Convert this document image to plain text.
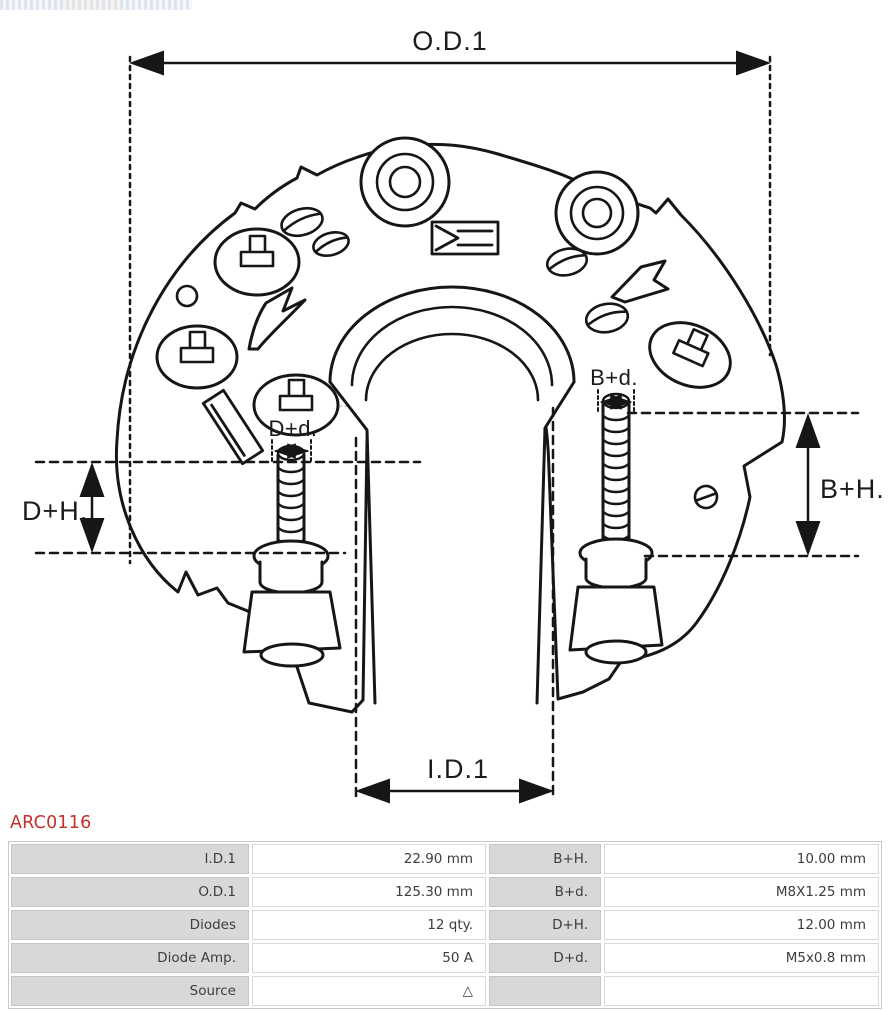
O.D.1
I.D.1
D+H.
B+H.
D+d.
B+d.
ARC0116
I.D.1	22.90 mm	B+H.	10.00 mm
O.D.1	125.30 mm	B+d.	M8X1.25 mm
Diodes	12 qty.	D+H.	12.00 mm
Diode Amp.	50 A	D+d.	M5x0.8 mm
Source	△
